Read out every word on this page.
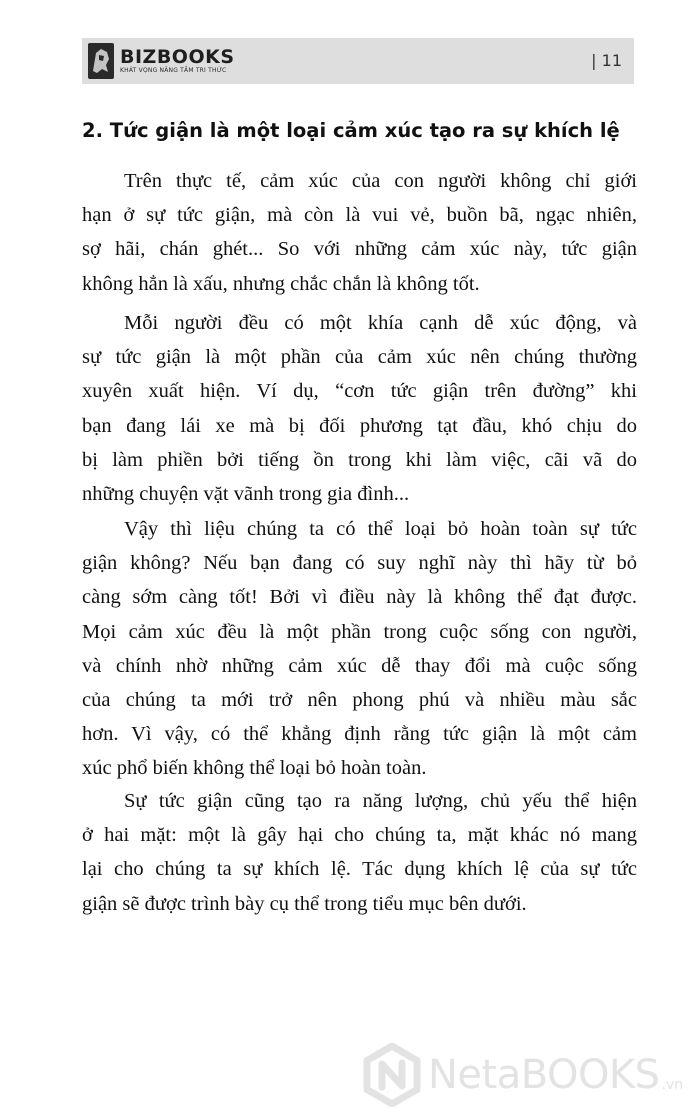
BIZBOOKS
KHÁT VỌNG NÂNG TẦM TRI THỨC
| 11
2. Tức giận là một loại cảm xúc tạo ra sự khích lệ

Trên thực tế, cảm xúc của con người không chỉ giới
hạn ở sự tức giận, mà còn là vui vẻ, buồn bã, ngạc nhiên,
sợ hãi, chán ghét... So với những cảm xúc này, tức giận
không hẳn là xấu, nhưng chắc chắn là không tốt.

Mỗi người đều có một khía cạnh dễ xúc động, và
sự tức giận là một phần của cảm xúc nên chúng thường
xuyên xuất hiện. Ví dụ, “cơn tức giận trên đường” khi
bạn đang lái xe mà bị đối phương tạt đầu, khó chịu do
bị làm phiền bởi tiếng ồn trong khi làm việc, cãi vã do
những chuyện vặt vãnh trong gia đình...

Vậy thì liệu chúng ta có thể loại bỏ hoàn toàn sự tức
giận không? Nếu bạn đang có suy nghĩ này thì hãy từ bỏ
càng sớm càng tốt! Bởi vì điều này là không thể đạt được.
Mọi cảm xúc đều là một phần trong cuộc sống con người,
và chính nhờ những cảm xúc dễ thay đổi mà cuộc sống
của chúng ta mới trở nên phong phú và nhiều màu sắc
hơn. Vì vậy, có thể khẳng định rằng tức giận là một cảm
xúc phổ biến không thể loại bỏ hoàn toàn.

Sự tức giận cũng tạo ra năng lượng, chủ yếu thể hiện
ở hai mặt: một là gây hại cho chúng ta, mặt khác nó mang
lại cho chúng ta sự khích lệ. Tác dụng khích lệ của sự tức
giận sẽ được trình bày cụ thể trong tiểu mục bên dưới.

NetaBOOKS .vn
